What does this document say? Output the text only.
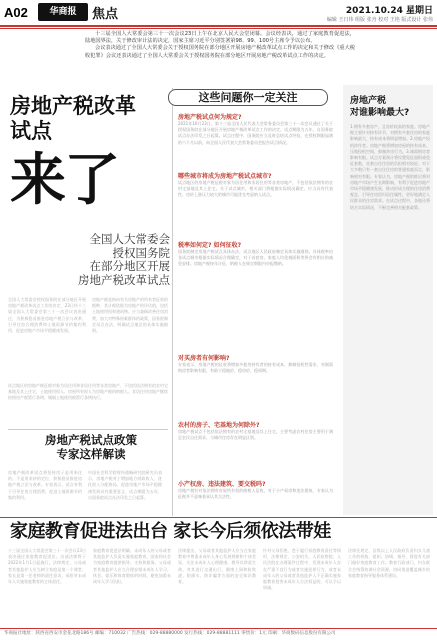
A02	华商报	焦点	2021.10.24 星期日
编辑 王日伟 组版 张舟 校对 王艳 版式设计 张伟

十三届全国人大常委会第三十一次会议23日上午在北京人民大会堂闭幕。会议经表决，通过了家庭教育促进法，陆地国界法，关于修改审计法的决定，国家主席习近平分别签署第98、99、100号主席令予以公布。

会议表决通过了全国人大常委会关于授权国务院在部分地区开展房地产税改革试点工作的决定和关于修改《重大税收犯罪》会议还表决通过了全国人大常委会关于授权国务院在部分地区开展房地产税改革试点工作的决定。

房地产税改革试点
来了
全国人大常委会
授权国务院
在部分地区开展
房地产税改革试点
全国人大常委会授权国务院在部分地区开展房地产税改革试点工作的决定，23日经十三届全国人大常委会第三十一次会议表决通过，为积极稳妥推进房地产税立法与改革，引导住房合理消费和土地资源节约集约利用，促进房地产市场平稳健康发展。
房地产税是指向有关房地产的所有者征收的税种，其计税依据为房地产的评估值，包括土地使用权和建筑物。应当兼顾改善住房消费，加大对特殊困难群体的政策，国务院制定试点办法，明确试点地区的具体实施细则。
试点地区的房地产税征税对象为居住用和非居住用等各类房地产，不包括依法拥有的农村宅基地及其上住宅，土地使用权人、房屋所有权人为房地产税的纳税人。非居住用房地产继续按照房产税暂行条例、城镇土地使用税暂行条例执行。
房地产税试点政策
专家这样解读
房地产税改革试点将坚持房子是用来住的、不是用来炒的定位，积极稳妥推进房地产税立法与改革。专家表示，试点有利于引导住房合理消费，促进土地资源节约集约利用。
中国社会科学院财经战略研究院研究员表示，房地产税对于增加地方财政收入、优化收入分配格局、促进房地产市场平稳健康发展具有重要意义，试点期限为五年，自国务院试点办法印发之日起算。
这些问题你一定关注
房地产税试点何为规定?
2021年10月23日，第十三届全国人民代表大会常务委员会第三十一次会议通过了关于授权国务院在部分地区开展房地产税改革试点工作的决定。试点期限为五年，自国务院试点办法印发之日起算。试点过程中，国务院应当及时总结试点经验，在授权期限届满的六个月以前，向全国人民代表大会常务委员会报告试点情况。
哪些城市将成为房地产税试点城市?
试点地区的房地产税征税对象为居住用和非居住用等各类房地产，不包括依法拥有的农村宅基地及其上住宅。关于试点城市，相关部门将根据实际情况确定，应当具有代表性、房价上涨压力较大的城市可能优先考虑纳入试点。
税率如何定? 如何征收?
国务院制定房地产税试点具体办法，试点地区人民政府制定具体实施细则。具体税率由各试点城市根据实际情况合理确定，对于首套房、家庭人均免税面积等将会有相应的减免安排。房地产税按年计征，纳税人在规定期限内申报缴纳。
对买房者有何影响?
专家表示，房地产税的征收将增加多套房持有者的持有成本，抑制投机性需求，对刚需购房者影响有限，有助于稳地价、稳房价、稳预期。
农村的房子、宅基地为何除外?
房地产税试点不包括依法拥有的农村宅基地及其上住宅，主要考虑农村住房主要用于满足农民自住需求，与城市住房存在明显区别。
小产权房、违法建筑、要交税吗?
房地产税针对依法拥有房屋所有权的纳税人征收，对于小产权房和违法建筑，专家认为征税并不意味着承认其合法性。
房地产税
对谁影响最大?
1.拥有多套房产，且房价较高的家庭。房地产税主要针对持有环节，对拥有多套住房的家庭影响最大，持有成本将明显增加。2.房地产投机炒作者。房地产税将增加房屋的持有成本，压缩投机空间，抑制炒房行为。3.刚需购房者影响有限。试点方案预计将设置免征面积或免征套数，首套自住住房的负担相对较轻。对于大多数只有一套自住住房的普通家庭而言，影响相对有限。专家认为，房地产税的推出将对房地产市场产生长期影响，有利于促进房地产市场平稳健康发展，推动形成合理的住房消费观念，引导住房回归居住属性，更好地满足人民群众的住房需求。在试点过程中，各地还将结合实际情况，不断完善相关配套政策。
家庭教育促进法出台 家长今后须依法带娃
十三届全国人大常委会第三十一次会议23日表决通过家庭教育促进法。这部法律将于2022年1月1日起施行。法律规定，父母或者其他监护人应当树立家庭是第一个课堂、家长是第一任老师的责任意识，承担对未成年人实施家庭教育的主体责任。
家庭教育促进法明确，未成年人的父母或者其他监护人负责实施家庭教育，国家和社会为家庭教育提供指导、支持和服务。父母或者其他监护人应当合理安排未成年人学习、休息、娱乐和体育锻炼的时间，避免加重未成年人学习负担。
法律提出，父母或者其他监护人应当在家庭教育中尊重未成年人身心发展规律和个体差异，关注未成年人心理健康，教导其珍爱生命，对其进行交通出行、健康上网和防欺凌、防溺水、防诈骗等方面的安全知识教育。
针对父母拒绝、怠于履行家庭教育责任等情形，法律规定，公安机关、人民检察院、人民法院在办理案件过程中，发现未成年人存在严重不良行为或者实施犯罪行为，或者未成年人的父母或者其他监护人不正确实施家庭教育侵害未成年人合法权益的，可以予以训诫。
法律还规定，县级以上人民政府负责妇女儿童工作的机构，组织、协调、指导、督促有关部门做好家庭教育工作。教育行政部门、妇女联合会统筹协调社会资源，协同推进覆盖城乡的家庭教育指导服务体系建设。
华商报社地址：陕西省西安市金花北路186号 邮编：710032 广告热线：029-88880000 发行热线：029-88881111 零售价：1元 印刷：华商数码信息股份有限公司
